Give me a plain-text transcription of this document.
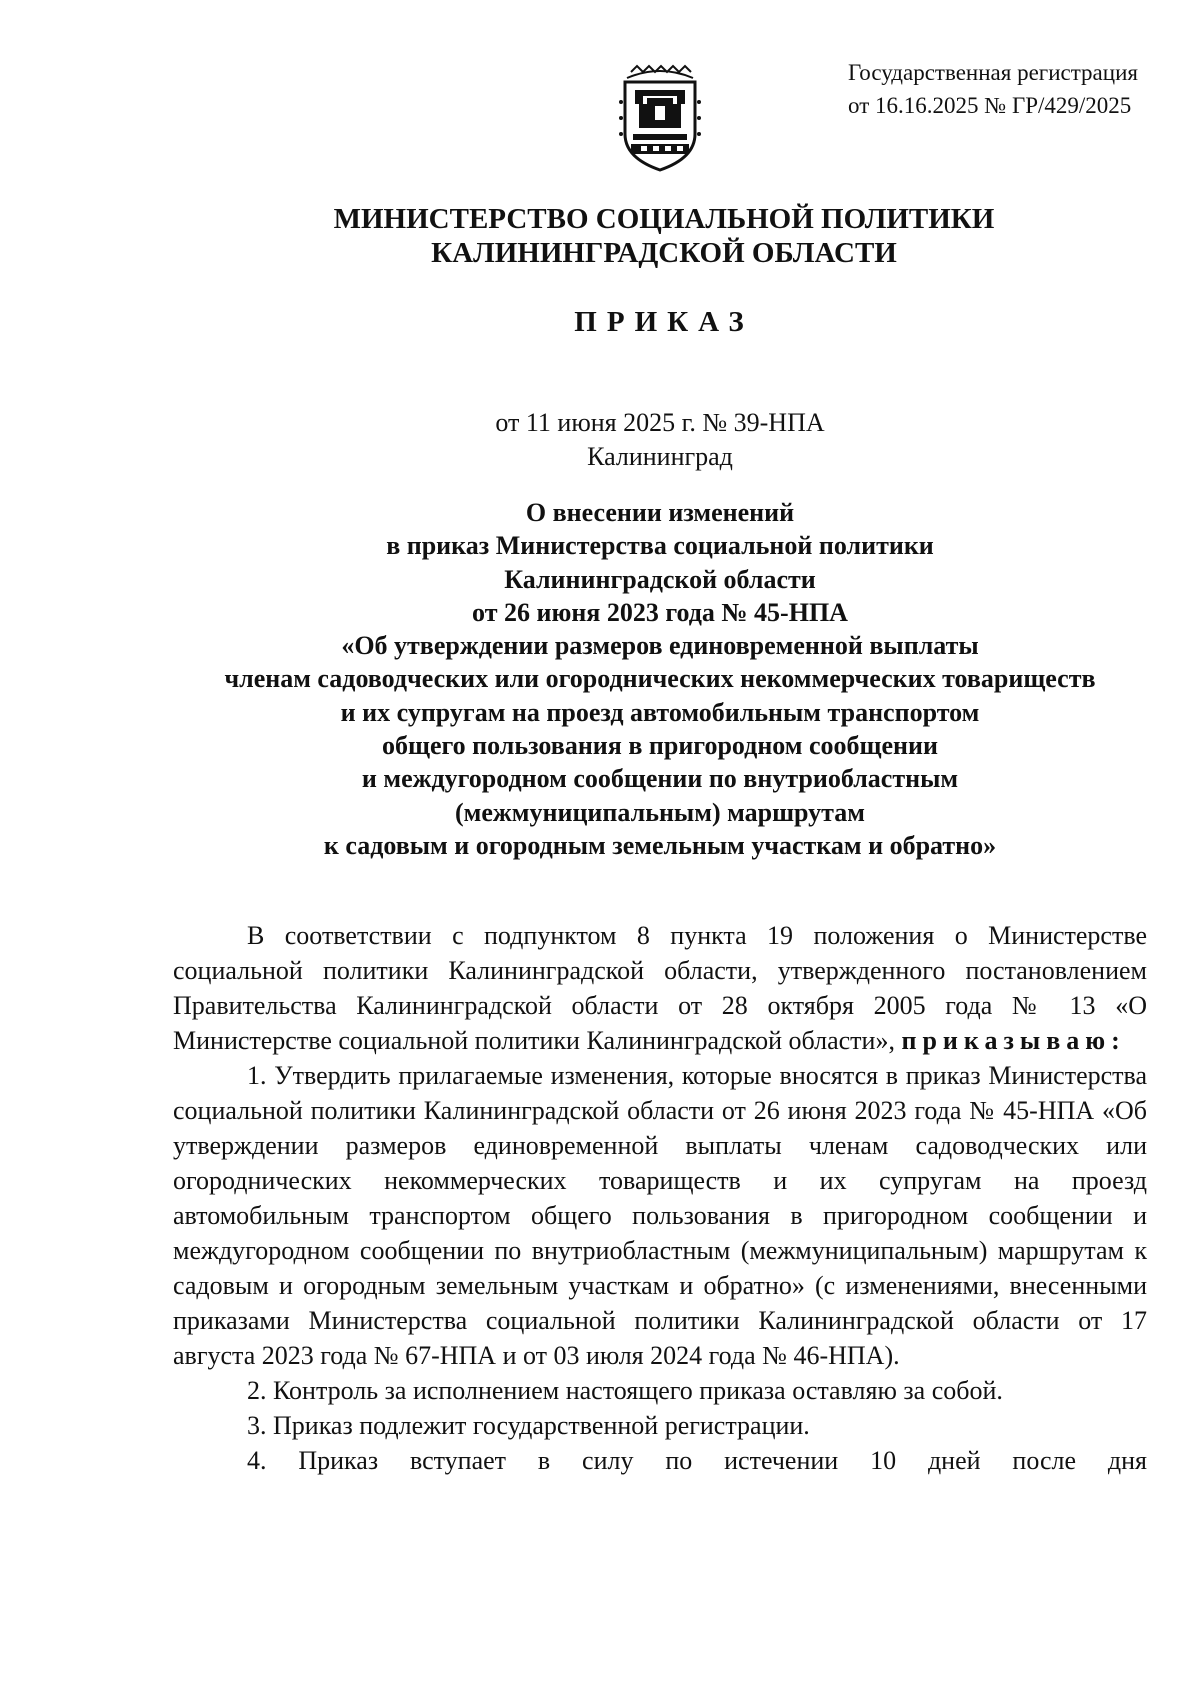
Государственная регистрация
от 16.16.2025 № ГР/429/2025
МИНИСТЕРСТВО СОЦИАЛЬНОЙ ПОЛИТИКИ
КАЛИНИНГРАДСКОЙ ОБЛАСТИ
ПРИКАЗ
от 11 июня 2025 г. № 39-НПА
Калининград
О внесении изменений
в приказ Министерства социальной политики
Калининградской области
от 26 июня 2023 года № 45-НПА
«Об утверждении размеров единовременной выплаты
членам садоводческих или огороднических некоммерческих товариществ
и их супругам на проезд автомобильным транспортом
общего пользования в пригородном сообщении
и междугородном сообщении по внутриобластным
(межмуниципальным) маршрутам
к садовым и огородным земельным участкам и обратно»

В соответствии с подпунктом 8 пункта 19 положения о Министерстве социальной политики Калининградской области, утвержденного постановлением Правительства Калининградской области от 28 октября 2005 года № 13 «О Министерстве социальной политики Калининградской области», приказываю:

1. Утвердить прилагаемые изменения, которые вносятся в приказ Министерства социальной политики Калининградской области от 26 июня 2023 года № 45-НПА «Об утверждении размеров единовременной выплаты членам садоводческих или огороднических некоммерческих товариществ и их супругам на проезд автомобильным транспортом общего пользования в пригородном сообщении и междугородном сообщении по внутриобластным (межмуниципальным) маршрутам к садовым и огородным земельным участкам и обратно» (с изменениями, внесенными приказами Министерства социальной политики Калининградской области от 17 августа 2023 года № 67-НПА и от 03 июля 2024 года № 46-НПА).

2. Контроль за исполнением настоящего приказа оставляю за собой.

3. Приказ подлежит государственной регистрации.

4. Приказ вступает в силу по истечении 10 дней после дня
